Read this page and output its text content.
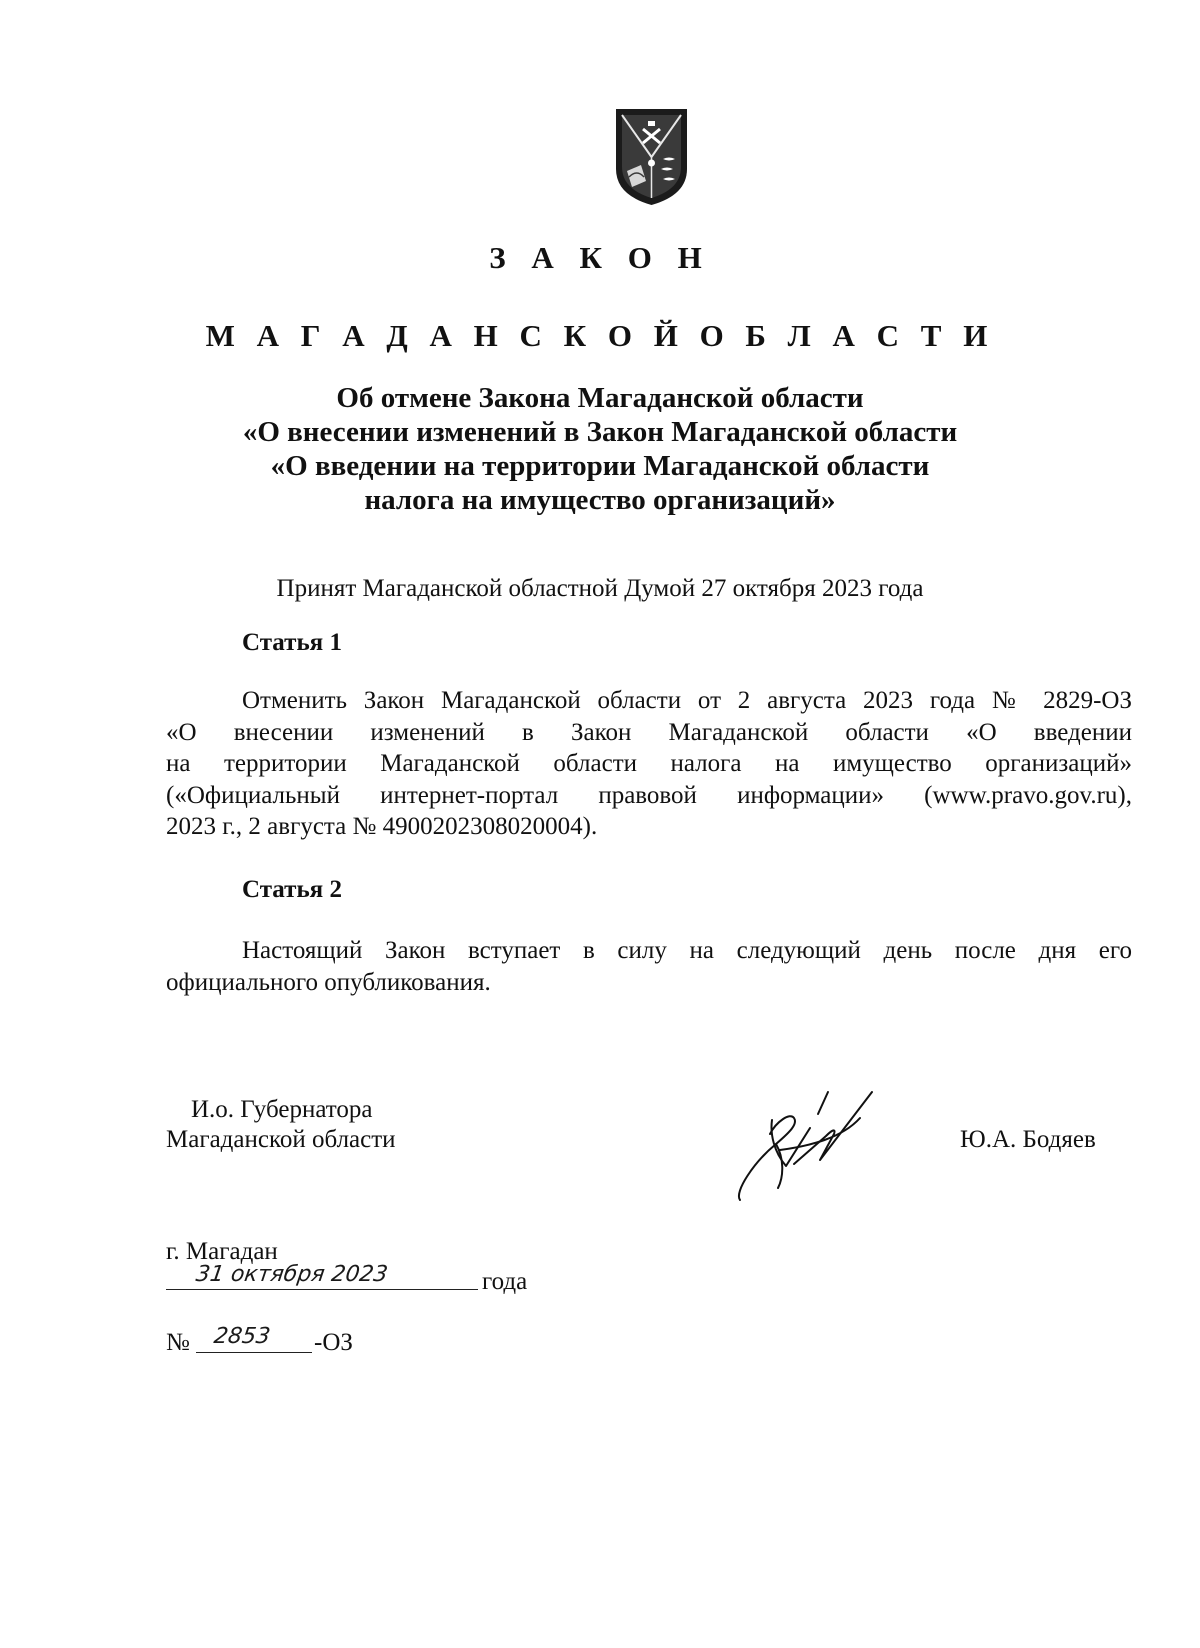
З А К О Н
М А Г А Д А Н С К О Й О Б Л А С Т И
Об отмене Закона Магаданской области
«О внесении изменений в Закон Магаданской области
«О введении на территории Магаданской области
налога на имущество организаций»
Принят Магаданской областной Думой 27 октября 2023 года
Статья 1
Отменить Закон Магаданской области от 2 августа 2023 года № 2829-ОЗ
«О внесении изменений в Закон Магаданской области «О введении
на территории Магаданской области налога на имущество организаций»
(«Официальный интернет-портал правовой информации» (www.pravo.gov.ru),
2023 г., 2 августа № 4900202308020004).
Статья 2
Настоящий Закон вступает в силу на следующий день после дня его
официального опубликования.
И.о. Губернатора
Магаданской области	Ю.А. Бодяев
г. Магадан
31 октября 2023	года
№ 2853 -ОЗ
